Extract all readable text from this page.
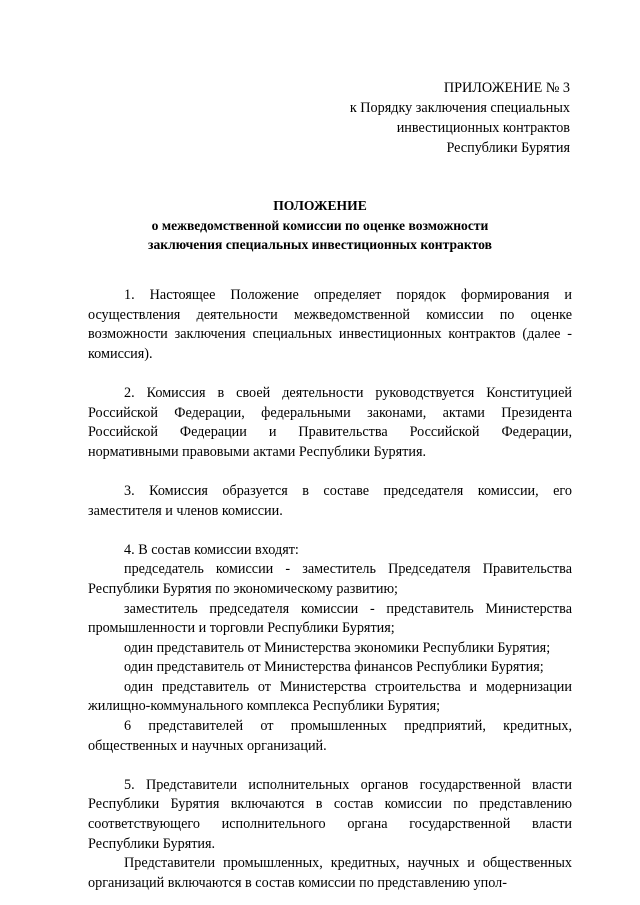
ПРИЛОЖЕНИЕ № 3
к Порядку заключения специальных
инвестиционных контрактов
Республики Бурятия
ПОЛОЖЕНИЕ
о межведомственной комиссии по оценке возможности
заключения специальных инвестиционных контрактов

1. Настоящее Положение определяет порядок формирования и осуществления деятельности межведомственной комиссии по оценке возможности заключения специальных инвестиционных контрактов (далее - комиссия).

2. Комиссия в своей деятельности руководствуется Конституцией Российской Федерации, федеральными законами, актами Президента Российской Федерации и Правительства Российской Федерации, нормативными правовыми актами Республики Бурятия.

3. Комиссия образуется в составе председателя комиссии, его заместителя и членов комиссии.

4. В состав комиссии входят:

председатель комиссии - заместитель Председателя Правительства Республики Бурятия по экономическому развитию;

заместитель председателя комиссии - представитель Министерства промышленности и торговли Республики Бурятия;

один представитель от Министерства экономики Республики Бурятия;

один представитель от Министерства финансов Республики Бурятия;

один представитель от Министерства строительства и модернизации жилищно-коммунального комплекса Республики Бурятия;

6 представителей от промышленных предприятий, кредитных, общественных и научных организаций.

5. Представители исполнительных органов государственной власти Республики Бурятия включаются в состав комиссии по представлению соответствующего исполнительного органа государственной власти Республики Бурятия.

Представители промышленных, кредитных, научных и общественных организаций включаются в состав комиссии по представлению упол-
